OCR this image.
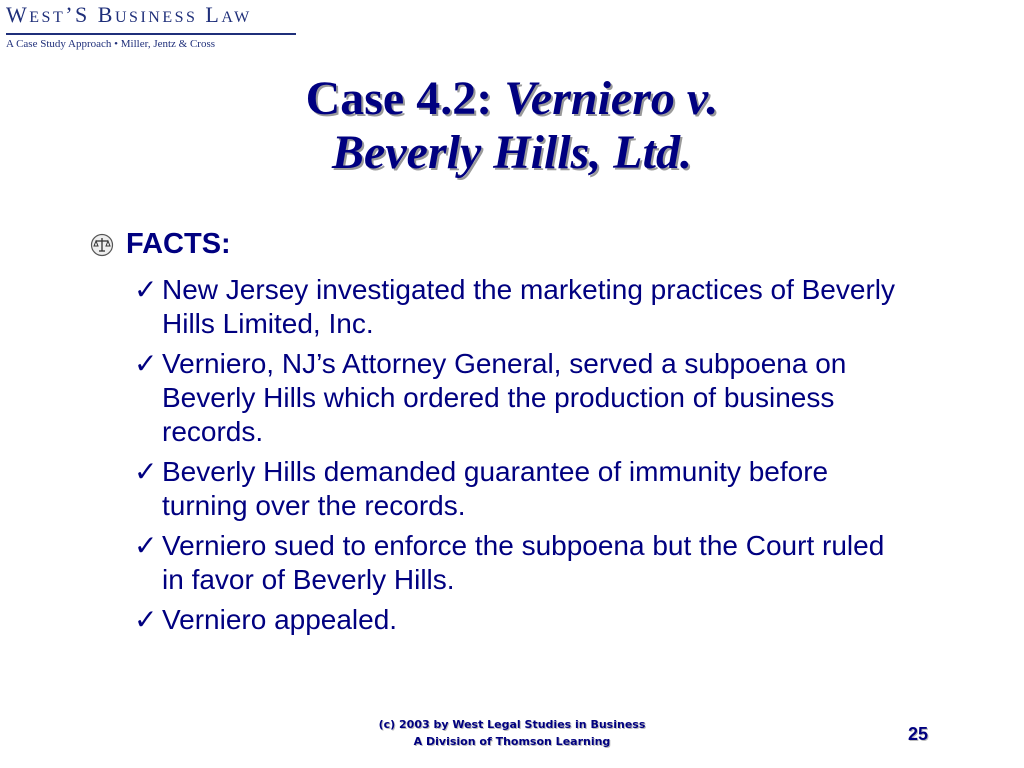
WEST’S BUSINESS LAW
A Case Study Approach • Miller, Jentz & Cross
Case 4.2: Verniero v.
Beverly Hills, Ltd.
FACTS:
✓ New Jersey investigated the marketing practices of Beverly Hills Limited, Inc.
✓ Verniero, NJ’s Attorney General, served a subpoena on Beverly Hills which ordered the production of business records.
✓ Beverly Hills demanded guarantee of immunity before turning over the records.
✓ Verniero sued to enforce the subpoena but the Court ruled in favor of Beverly Hills.
✓ Verniero appealed.
(c) 2003 by West Legal Studies in Business
A Division of Thomson Learning	25
